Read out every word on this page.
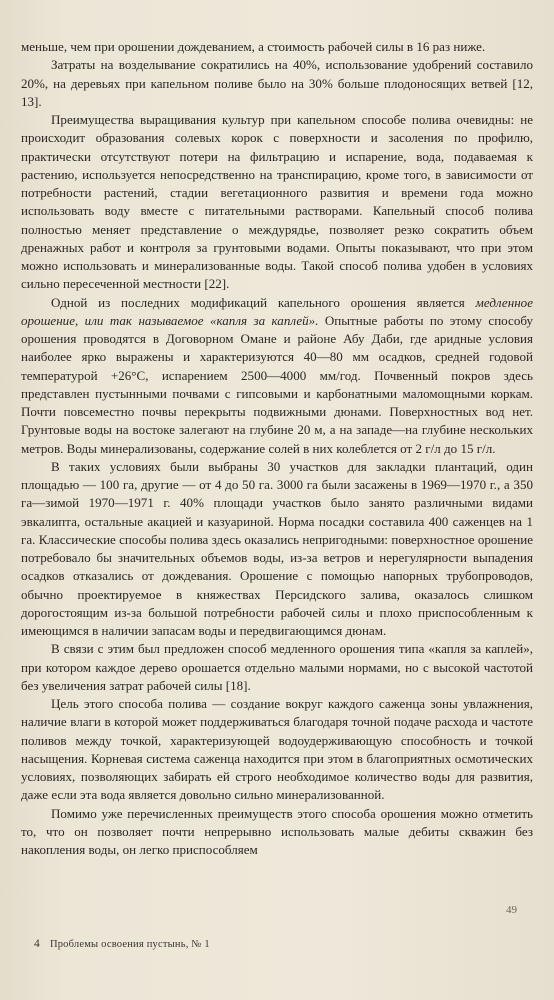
меньше, чем при орошении дождеванием, а стоимость рабочей силы в 16 раз ниже.

Затраты на возделывание сократились на 40%, использование удобрений составило 20%, на деревьях при капельном поливе было на 30% больше плодоносящих ветвей [12, 13].

Преимущества выращивания культур при капельном способе полива очевидны: не происходит образования солевых корок с поверхности и засоления по профилю, практически отсутствуют потери на фильтрацию и испарение, вода, подаваемая к растению, используется непосредственно на транспирацию, кроме того, в зависимости от потребности растений, стадии вегетационного развития и времени года можно использовать воду вместе с питательными растворами. Капельный способ полива полностью меняет представление о междурядье, позволяет резко сократить объем дренажных работ и контроля за грунтовыми водами. Опыты показывают, что при этом можно использовать и минерализованные воды. Такой способ полива удобен в условиях сильно пересеченной местности [22].

Одной из последних модификаций капельного орошения является медленное орошение, или так называемое «капля за каплей». Опытные работы по этому способу орошения проводятся в Договорном Омане и районе Абу Даби, где аридные условия наиболее ярко выражены и характеризуются 40—80 мм осадков, средней годовой температурой +26°С, испарением 2500—4000 мм/год. Почвенный покров здесь представлен пустынными почвами с гипсовыми и карбонатными маломощными коркам. Почти повсеместно почвы перекрыты подвижными дюнами. Поверхностных вод нет. Грунтовые воды на востоке залегают на глубине 20 м, а на западе—на глубине нескольких метров. Воды минерализованы, содержание солей в них колеблется от 2 г/л до 15 г/л.

В таких условиях были выбраны 30 участков для закладки плантаций, один площадью — 100 га, другие — от 4 до 50 га. 3000 га были засажены в 1969—1970 г., а 350 га—зимой 1970—1971 г. 40% площади участков было занято различными видами эвкалипта, остальные акацией и казуариной. Норма посадки составила 400 саженцев на 1 га. Классические способы полива здесь оказались непригодными: поверхностное орошение потребовало бы значительных объемов воды, из-за ветров и нерегулярности выпадения осадков отказались от дождевания. Орошение с помощью напорных трубопроводов, обычно проектируемое в княжествах Персидского залива, оказалось слишком дорогостоящим из-за большой потребности рабочей силы и плохо приспособленным к имеющимся в наличии запасам воды и передвигающимся дюнам.

В связи с этим был предложен способ медленного орошения типа «капля за каплей», при котором каждое дерево орошается отдельно малыми нормами, но с высокой частотой без увеличения затрат рабочей силы [18].

Цель этого способа полива — создание вокруг каждого саженца зоны увлажнения, наличие влаги в которой может поддерживаться благодаря точной подаче расхода и частоте поливов между точкой, характеризующей водоудерживающую способность и точкой насыщения. Корневая система саженца находится при этом в благоприятных осмотических условиях, позволяющих забирать ей строго необходимое количество воды для развития, даже если эта вода является довольно сильно минерализованной.

Помимо уже перечисленных преимуществ этого способа орошения можно отметить то, что он позволяет почти непрерывно использовать малые дебиты скважин без накопления воды, он легко приспособляем

49
4 Проблемы освоения пустынь, № 1
